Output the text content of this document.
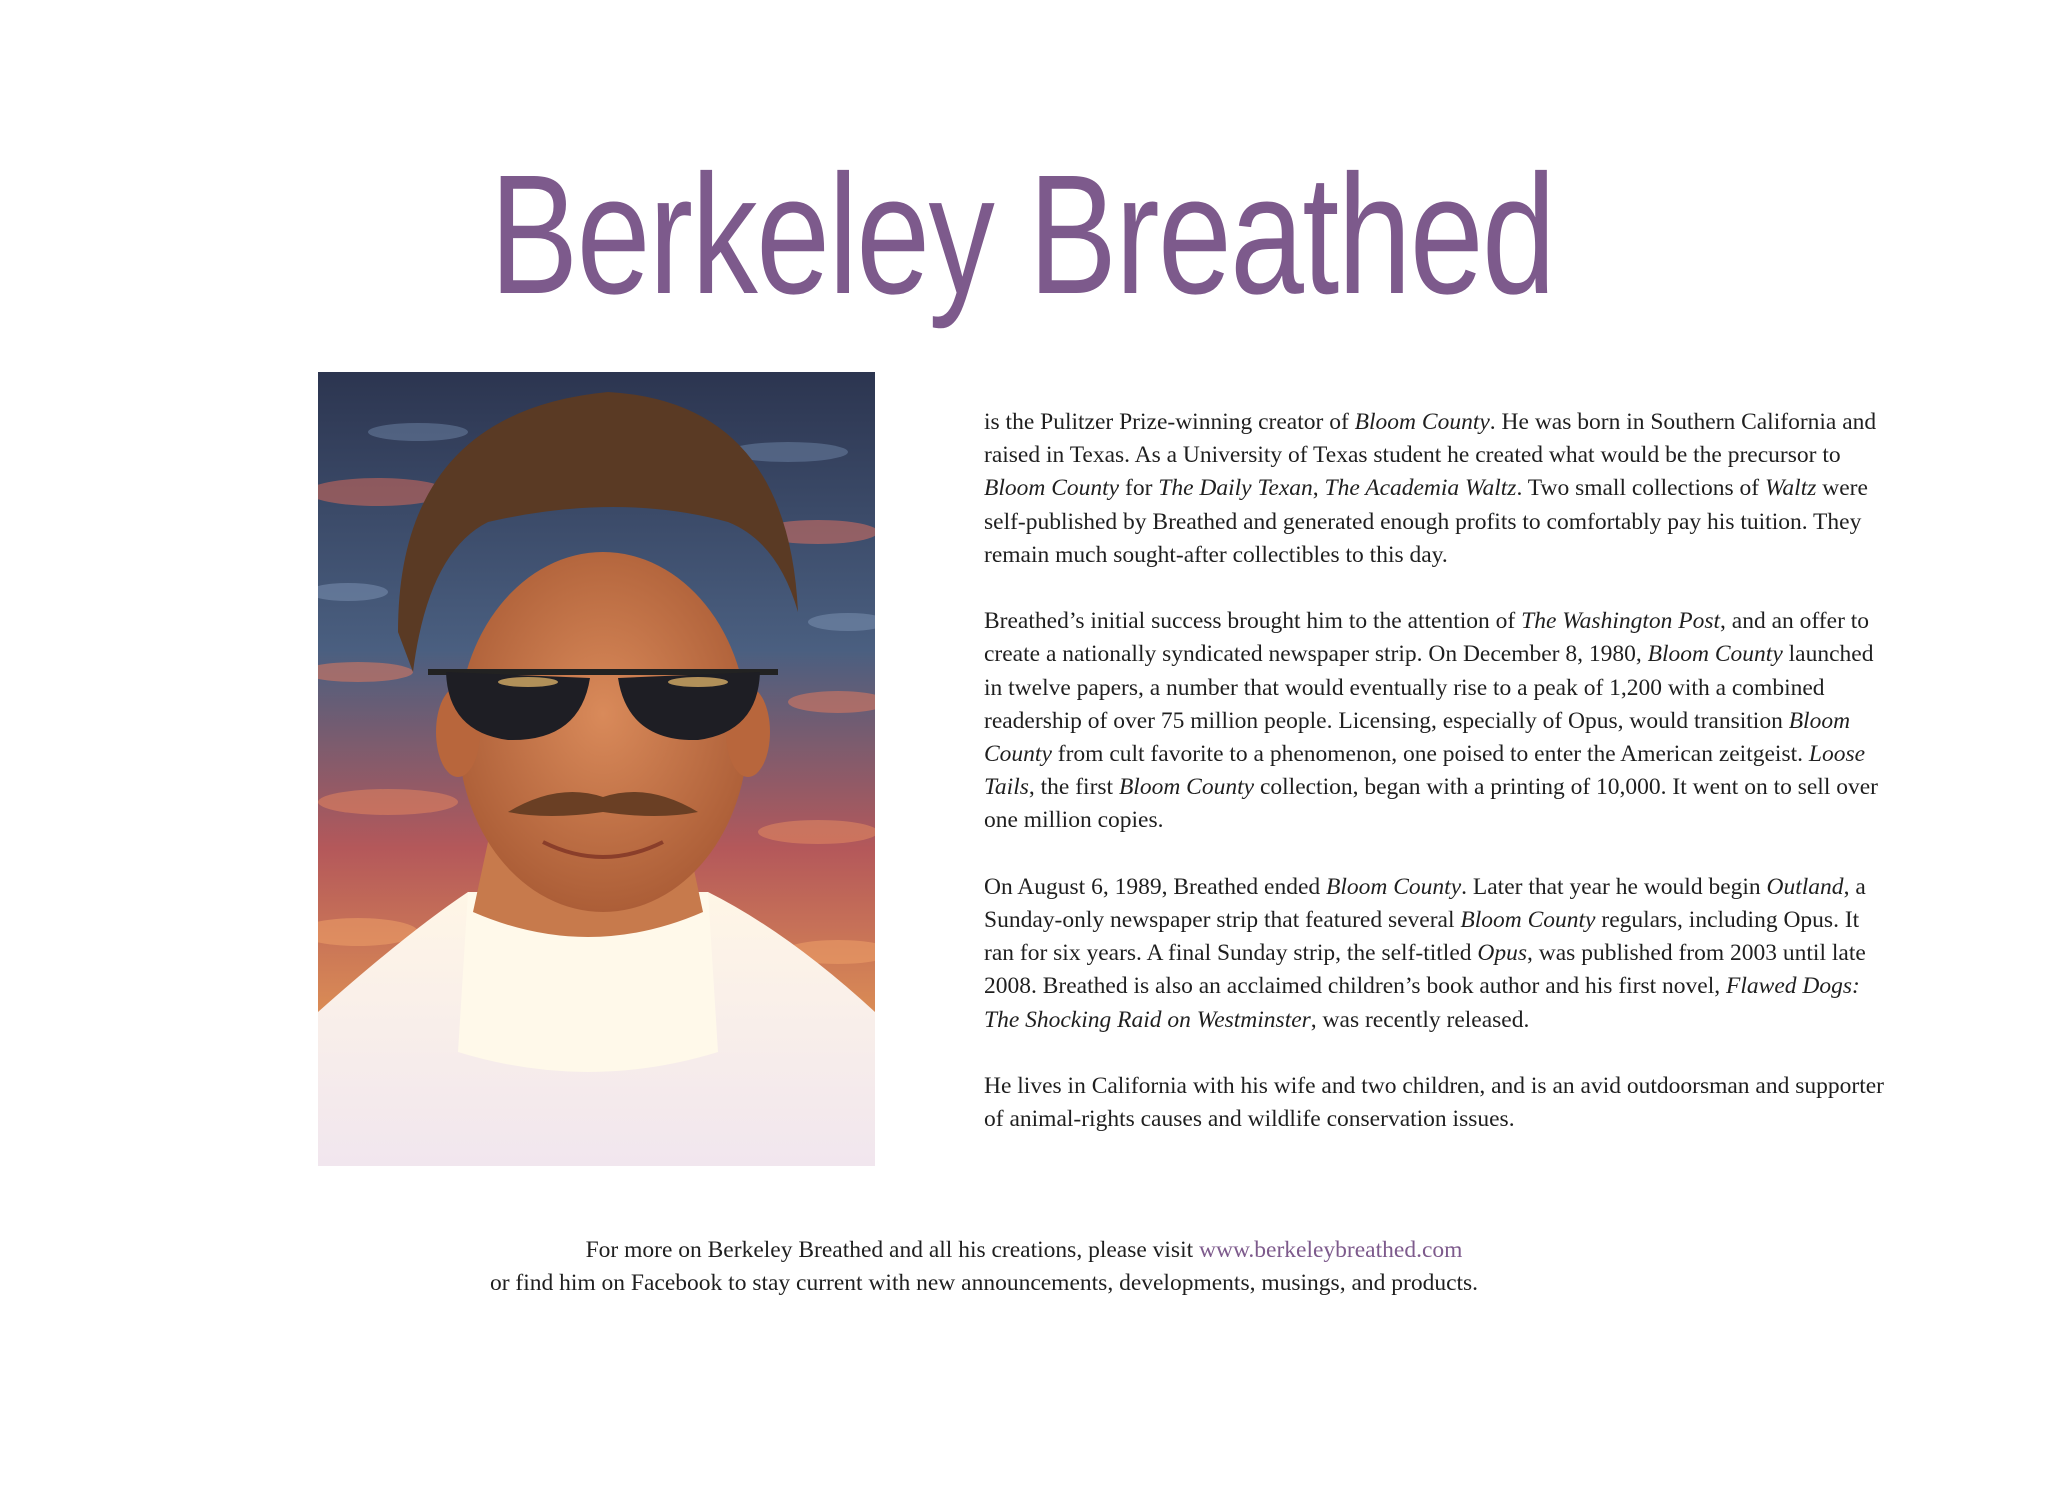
Berkeley Breathed

is the Pulitzer Prize-winning creator of Bloom County. He was born in Southern California and raised in Texas. As a University of Texas student he created what would be the precursor to Bloom County for The Daily Texan, The Academia Waltz. Two small collections of Waltz were self-published by Breathed and generated enough profits to comfortably pay his tuition. They remain much sought-after collectibles to this day.

Breathed’s initial success brought him to the attention of The Washington Post, and an offer to create a nationally syndicated newspaper strip. On December 8, 1980, Bloom County launched in twelve papers, a number that would eventually rise to a peak of 1,200 with a combined readership of over 75 million people. Licensing, especially of Opus, would transition Bloom County from cult favorite to a phenomenon, one poised to enter the American zeitgeist. Loose Tails, the first Bloom County collection, began with a printing of 10,000. It went on to sell over one million copies.

On August 6, 1989, Breathed ended Bloom County. Later that year he would begin Outland, a Sunday-only newspaper strip that featured several Bloom County regulars, including Opus. It ran for six years. A final Sunday strip, the self-titled Opus, was published from 2003 until late 2008. Breathed is also an acclaimed children’s book author and his first novel, Flawed Dogs: The Shocking Raid on Westminster, was recently released.

He lives in California with his wife and two children, and is an avid outdoorsman and supporter of animal-rights causes and wildlife conservation issues.

For more on Berkeley Breathed and all his creations, please visit www.berkeleybreathed.com
or find him on Facebook to stay current with new announcements, developments, musings, and products.
